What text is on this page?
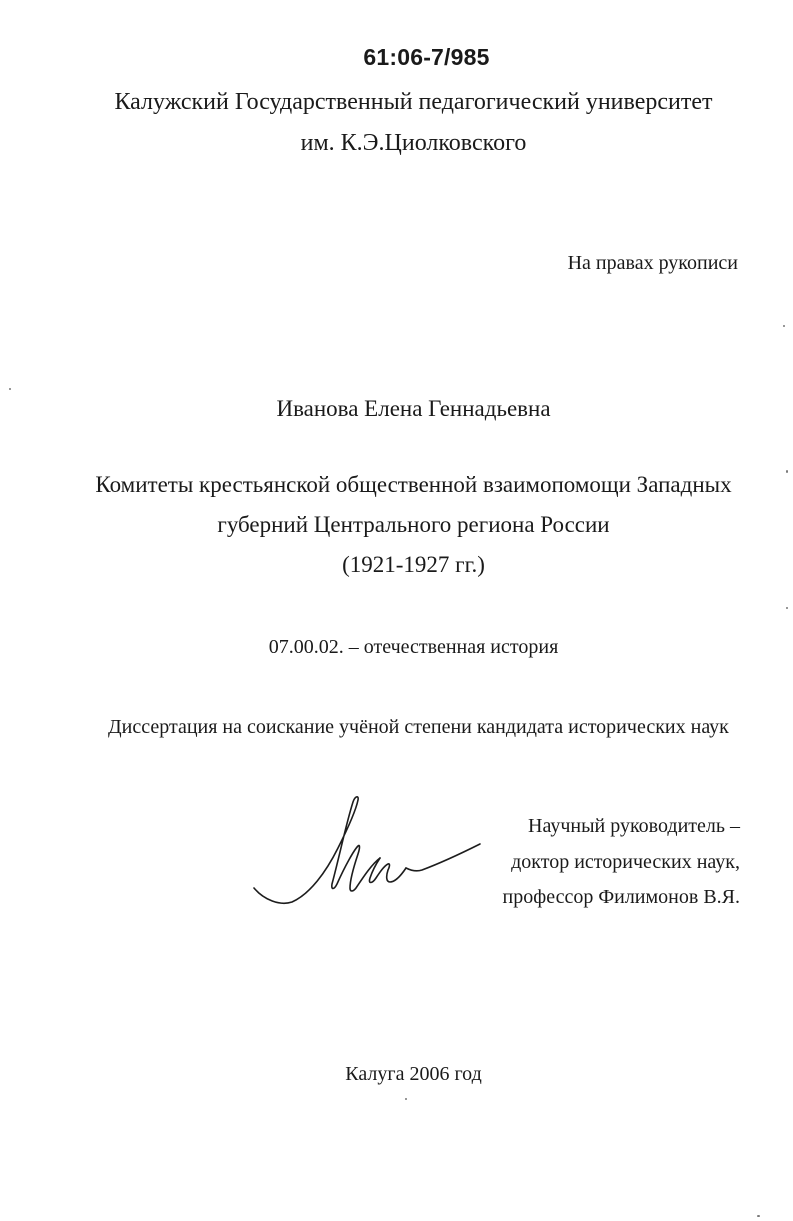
61:06-7/985

Калужский Государственный педагогический университет

им. К.Э.Циолковского

На правах рукописи

Иванова Елена Геннадьевна

Комитеты крестьянской общественной взаимопомощи Западных

губерний Центрального региона России

(1921-1927 гг.)

07.00.02. – отечественная история

Диссертация на соискание учёной степени кандидата исторических наук

Научный руководитель –

доктор исторических наук,

профессор Филимонов В.Я.

Калуга 2006 год
